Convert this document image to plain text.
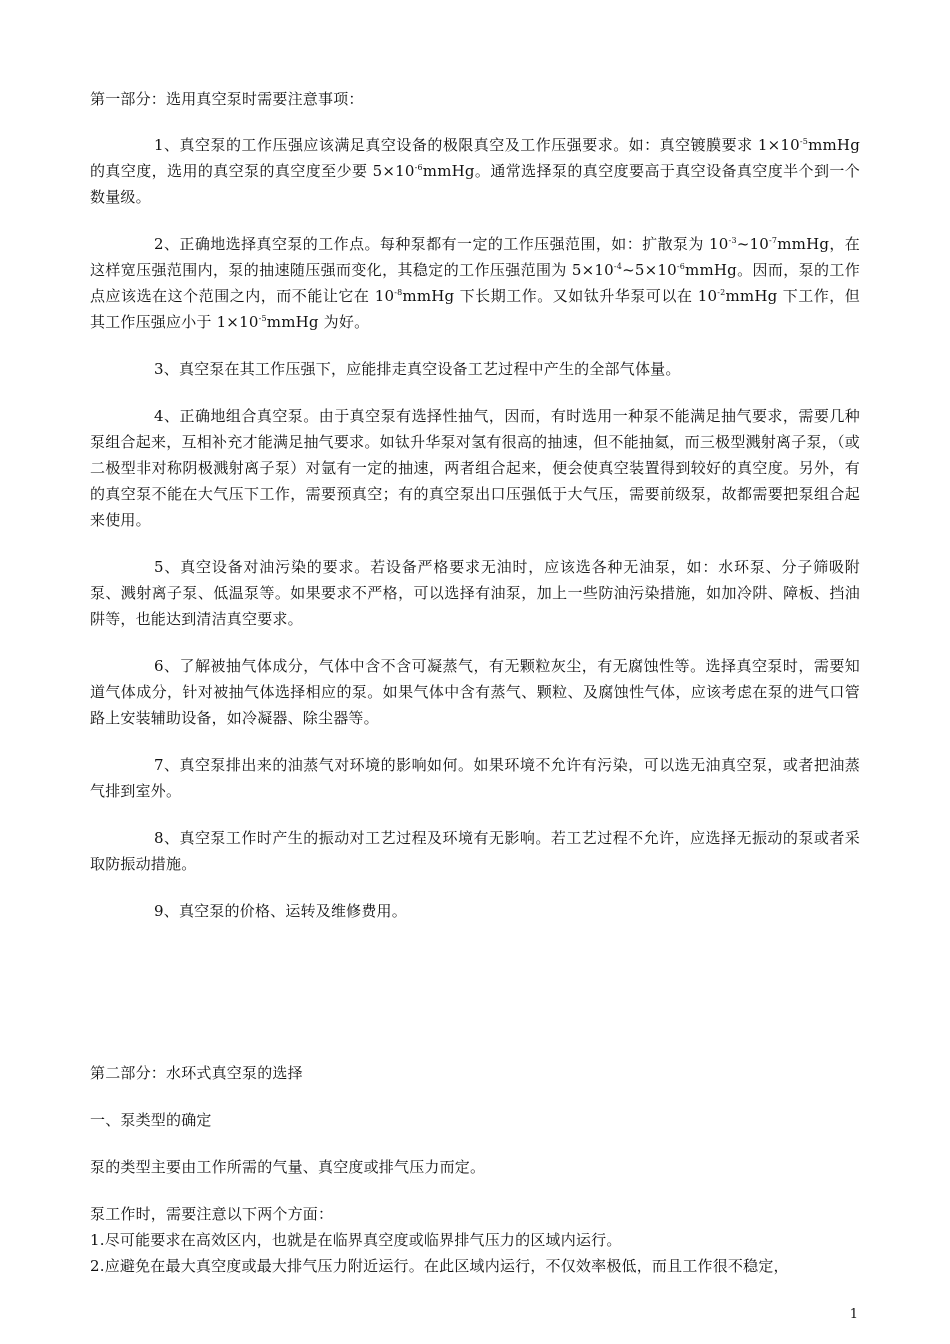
第一部分：选用真空泵时需要注意事项：

1、真空泵的工作压强应该满足真空设备的极限真空及工作压强要求。如：真空镀膜要求 $1\times 10^{-5}mmHg$ 的真空度，选用的真空泵的真空度至少要 $5\times 10^{-6}mmHg$。通常选择泵的真空度要高于真空设备真空度半个到一个数量级。

2、正确地选择真空泵的工作点。每种泵都有一定的工作压强范围，如：扩散泵为 $10^{-3}\sim 10^{-7}mmHg$，在这样宽压强范围内，泵的抽速随压强而变化，其稳定的工作压强范围为 $5\times 10^{-4}\sim 5\times 10^{-6}mmHg$。因而，泵的工作点应该选在这个范围之内，而不能让它在 $10^{-8}mmHg$ 下长期工作。又如钛升华泵可以在 $10^{-2}mmHg$ 下工作，但其工作压强应小于 $1\times 10^{-5}mmHg$ 为好。

3、真空泵在其工作压强下，应能排走真空设备工艺过程中产生的全部气体量。

4、正确地组合真空泵。由于真空泵有选择性抽气，因而，有时选用一种泵不能满足抽气要求，需要几种泵组合起来，互相补充才能满足抽气要求。如钛升华泵对氢有很高的抽速，但不能抽氦，而三极型溅射离子泵，（或二极型非对称阴极溅射离子泵）对氩有一定的抽速，两者组合起来，便会使真空装置得到较好的真空度。另外，有的真空泵不能在大气压下工作，需要预真空；有的真空泵出口压强低于大气压，需要前级泵，故都需要把泵组合起来使用。

5、真空设备对油污染的要求。若设备严格要求无油时，应该选各种无油泵，如：水环泵、分子筛吸附泵、溅射离子泵、低温泵等。如果要求不严格，可以选择有油泵，加上一些防油污染措施，如加冷阱、障板、挡油阱等，也能达到清洁真空要求。

6、了解被抽气体成分，气体中含不含可凝蒸气，有无颗粒灰尘，有无腐蚀性等。选择真空泵时，需要知道气体成分，针对被抽气体选择相应的泵。如果气体中含有蒸气、颗粒、及腐蚀性气体，应该考虑在泵的进气口管路上安装辅助设备，如冷凝器、除尘器等。

7、真空泵排出来的油蒸气对环境的影响如何。如果环境不允许有污染，可以选无油真空泵，或者把油蒸气排到室外。

8、真空泵工作时产生的振动对工艺过程及环境有无影响。若工艺过程不允许，应选择无振动的泵或者采取防振动措施。

9、真空泵的价格、运转及维修费用。

第二部分：水环式真空泵的选择

一、泵类型的确定

泵的类型主要由工作所需的气量、真空度或排气压力而定。

泵工作时，需要注意以下两个方面：

1.尽可能要求在高效区内，也就是在临界真空度或临界排气压力的区域内运行。

2.应避免在最大真空度或最大排气压力附近运行。在此区域内运行，不仅效率极低，而且工作很不稳定，

1
